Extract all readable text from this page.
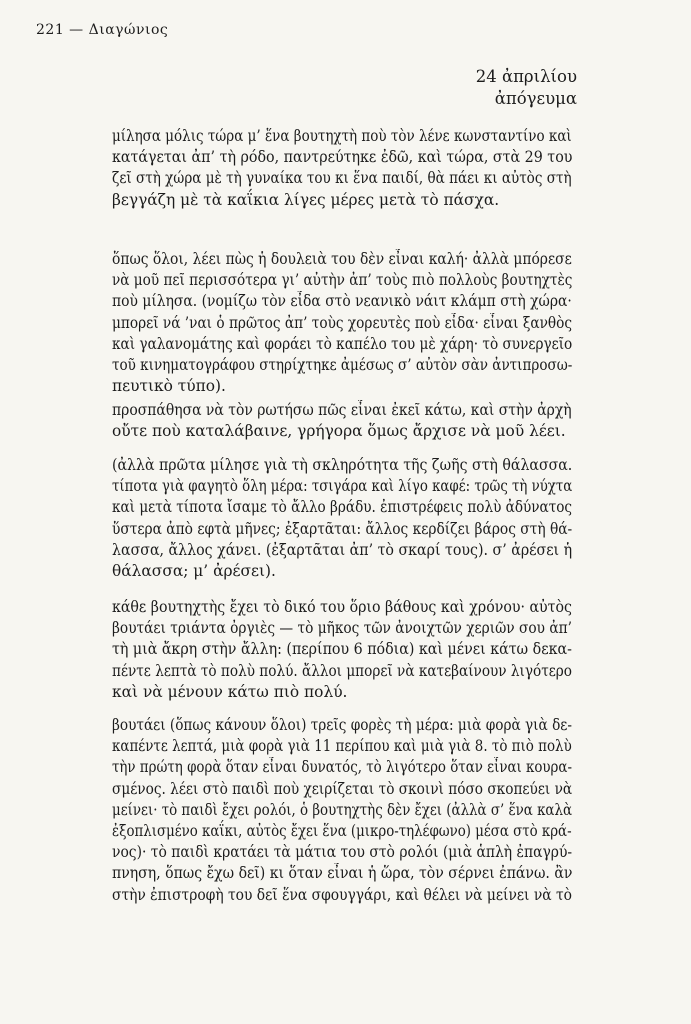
221 — Διαγώνιος
24 ἀπριλίου
ἀπόγευμα
μίλησα μόλις τώρα μ’ ἕνα βουτηχτὴ ποὺ τὸν λένε κωνσταντίνο καὶ
κατάγεται ἀπ’ τὴ ρόδο, παντρεύτηκε ἐδῶ, καὶ τώρα, στὰ 29 του
ζεῖ στὴ χώρα μὲ τὴ γυναίκα του κι ἕνα παιδί, θὰ πάει κι αὐτὸς στὴ
βεγγάζη μὲ τὰ καΐκια λίγες μέρες μετὰ τὸ πάσχα.
ὅπως ὅλοι, λέει πὼς ἡ δουλειὰ του δὲν εἶναι καλή· ἀλλὰ μπόρεσε
νὰ μοῦ πεῖ περισσότερα γι’ αὐτὴν ἀπ’ τοὺς πιὸ πολλοὺς βουτηχτὲς
ποὺ μίλησα. (νομίζω τὸν εἶδα στὸ νεανικὸ νάιτ κλάμπ στὴ χώρα·
μπορεῖ νά ’ναι ὁ πρῶτος ἀπ’ τοὺς χορευτὲς ποὺ εἶδα· εἶναι ξανθὸς
καὶ γαλανομάτης καὶ φοράει τὸ καπέλο του μὲ χάρη· τὸ συνεργεῖο
τοῦ κινηματογράφου στηρίχτηκε ἀμέσως σ’ αὐτὸν σὰν ἀντιπροσω-
πευτικὸ τύπο).
προσπάθησα νὰ τὸν ρωτήσω πῶς εἶναι ἐκεῖ κάτω, καὶ στὴν ἀρχὴ
οὔτε ποὺ καταλάβαινε, γρήγορα ὅμως ἄρχισε νὰ μοῦ λέει.
(ἀλλὰ πρῶτα μίλησε γιὰ τὴ σκληρότητα τῆς ζωῆς στὴ θάλασσα.
τίποτα γιὰ φαγητὸ ὅλη μέρα: τσιγάρα καὶ λίγο καφέ: τρῶς τὴ νύχτα
καὶ μετὰ τίποτα ἴσαμε τὸ ἄλλο βράδυ. ἐπιστρέφεις πολὺ ἀδύνατος
ὕστερα ἀπὸ εφτὰ μῆνες; ἐξαρτᾶται: ἄλλος κερδίζει βάρος στὴ θά-
λασσα, ἄλλος χάνει. (ἐξαρτᾶται ἀπ’ τὸ σκαρί τους). σ’ ἀρέσει ἡ
θάλασσα; μ’ ἀρέσει).
κάθε βουτηχτὴς ἔχει τὸ δικό του ὅριο βάθους καὶ χρόνου· αὐτὸς
βουτάει τριάντα ὀργιὲς — τὸ μῆκος τῶν ἀνοιχτῶν χεριῶν σου ἀπ’
τὴ μιὰ ἄκρη στὴν ἄλλη: (περίπου 6 πόδια) καὶ μένει κάτω δεκα-
πέντε λεπτὰ τὸ πολὺ πολύ. ἄλλοι μπορεῖ νὰ κατεβαίνουν λιγότερο
καὶ νὰ μένουν κάτω πιὸ πολύ.
βουτάει (ὅπως κάνουν ὅλοι) τρεῖς φορὲς τὴ μέρα: μιὰ φορὰ γιὰ δε-
καπέντε λεπτά, μιὰ φορὰ γιὰ 11 περίπου καὶ μιὰ γιὰ 8. τὸ πιὸ πολὺ
τὴν πρώτη φορὰ ὅταν εἶναι δυνατός, τὸ λιγότερο ὅταν εἶναι κουρα-
σμένος. λέει στὸ παιδὶ ποὺ χειρίζεται τὸ σκοινὶ πόσο σκοπεύει νὰ
μείνει· τὸ παιδὶ ἔχει ρολόι, ὁ βουτηχτὴς δὲν ἔχει (ἀλλὰ σ’ ἕνα καλὰ
ἐξοπλισμένο καΐκι, αὐτὸς ἔχει ἕνα (μικρο-τηλέφωνο) μέσα στὸ κρά-
νος)· τὸ παιδὶ κρατάει τὰ μάτια του στὸ ρολόι (μιὰ ἁπλὴ ἐπαγρύ-
πνηση, ὅπως ἔχω δεῖ) κι ὅταν εἶναι ἡ ὥρα, τὸν σέρνει ἐπάνω. ἂν
στὴν ἐπιστροφὴ του δεῖ ἕνα σφουγγάρι, καὶ θέλει νὰ μείνει νὰ τὸ
